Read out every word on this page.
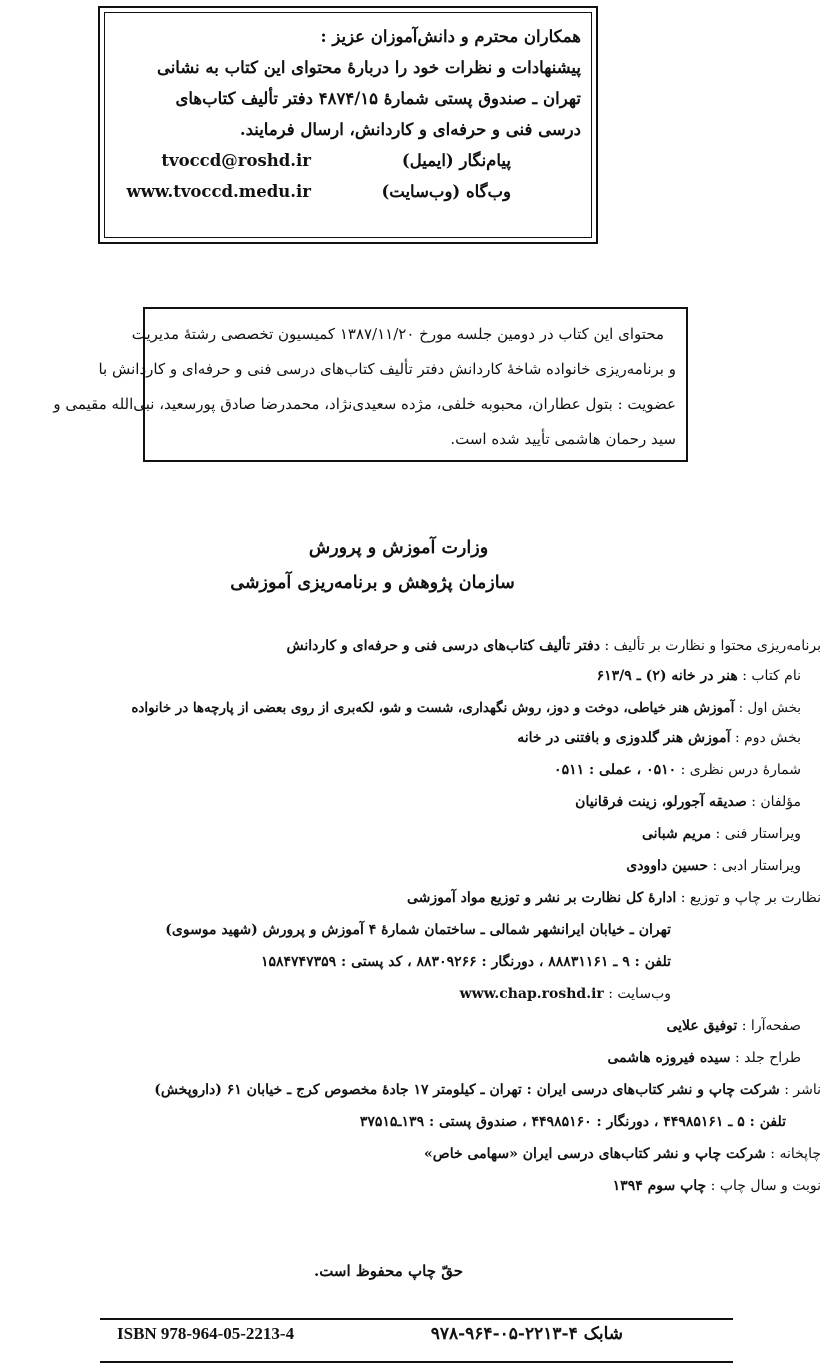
همکاران محترم و دانش‌آموزان عزیز :
پیشنهادات و نظرات خود را دربارهٔ محتوای این کتاب به نشانی
تهران ـ صندوق پستی شمارهٔ ۴۸۷۴/۱۵ دفتر تألیف کتاب‌های
درسی فنی و حرفه‌ای و کاردانش، ارسال فرمایند.
پیام‌نگار (ایمیل)
tvoccd@roshd.ir
وب‌گاه (وب‌سایت)
www.tvoccd.medu.ir
محتوای این کتاب در دومین جلسه مورخ ۱۳۸۷/۱۱/۲۰ کمیسیون تخصصی رشتهٔ مدیریت
و برنامه‌ریزی خانواده شاخهٔ کاردانش دفتر تألیف کتاب‌های درسی فنی و حرفه‌ای و کاردانش با
عضویت : بتول عطاران، محبوبه خلفی، مژده سعیدی‌نژاد، محمدرضا صادق پورسعید، نبی‌الله مقیمی و
سید رحمان هاشمی تأیید شده است.
وزارت آموزش و پرورش
سازمان پژوهش و برنامه‌ریزی آموزشی
برنامه‌ریزی محتوا و نظارت بر تألیف : دفتر تألیف کتاب‌های درسی فنی و حرفه‌ای و کاردانش
نام کتاب : هنر در خانه (۲) ـ ۶۱۳/۹
بخش اول : آموزش هنر خیاطی، دوخت و دوز، روش نگهداری، شست و شو، لکه‌بری از روی بعضی از پارچه‌ها در خانواده
بخش دوم : آموزش هنر گلدوزی و بافتنی در خانه
شمارهٔ درس نظری : ۰۵۱۰ ، عملی : ۰۵۱۱
مؤلفان : صدیقه آجورلو، زینت فرقانیان
ویراستار فنی : مریم شبانی
ویراستار ادبی : حسین داوودی
نظارت بر چاپ و توزیع : ادارهٔ کل نظارت بر نشر و توزیع مواد آموزشی
تهران ـ خیابان ایرانشهر شمالی ـ ساختمان شمارهٔ ۴ آموزش و پرورش (شهید موسوی)
تلفن : ۹ ـ ۸۸۸۳۱۱۶۱ ، دورنگار : ۸۸۳۰۹۲۶۶ ، کد پستی : ۱۵۸۴۷۴۷۳۵۹
وب‌سایت : www.chap.roshd.ir
صفحه‌آرا : توفیق علایی
طراح جلد : سیده فیروزه هاشمی
ناشر : شرکت چاپ و نشر کتاب‌های درسی ایران : تهران ـ کیلومتر ۱۷ جادهٔ مخصوص کرج ـ خیابان ۶۱ (داروپخش)
تلفن : ۵ ـ ۴۴۹۸۵۱۶۱ ، دورنگار : ۴۴۹۸۵۱۶۰ ، صندوق پستی : ۱۳۹ـ۳۷۵۱۵
چاپخانه : شرکت چاپ و نشر کتاب‌های درسی ایران «سهامی خاص»
نوبت و سال چاپ : چاپ سوم ۱۳۹۴
حقّ چاپ محفوظ است.
شابک ۴-۲۲۱۳-۰۵-۹۶۴-۹۷۸
ISBN 978-964-05-2213-4
